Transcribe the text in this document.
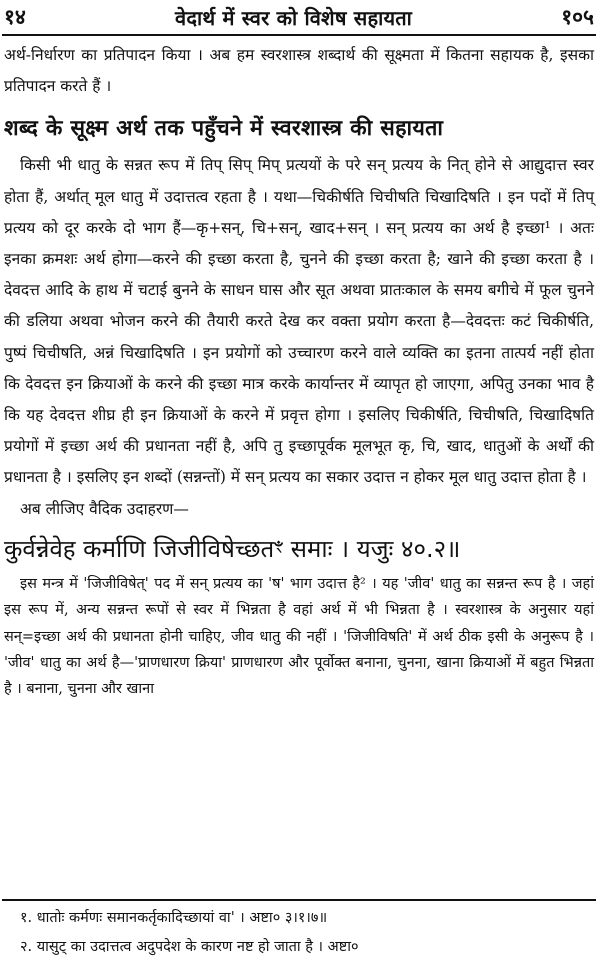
१४	वेदार्थ में स्वर को विशेष सहायता	१०५

अर्थ-निर्धारण का प्रतिपादन किया । अब हम स्वरशास्त्र शब्दार्थ की सूक्ष्मता में कितना सहायक है, इसका प्रतिपादन करते हैं ।

शब्द के सूक्ष्म अर्थ तक पहुँचने में स्वरशास्त्र की सहायता

किसी भी धातु के सन्नत रूप में तिप् सिप् मिप् प्रत्ययों के परे सन् प्रत्यय के नित् होने से आद्युदात्त स्वर होता हैं, अर्थात् मूल धातु में उदात्तत्व रहता है । यथा—चिकीर्षति चिचीषति चिखादिषति । इन पदों में तिप् प्रत्यय को दूर करके दो भाग हैं—कृ+सन्, चि+सन्, खाद+सन् । सन् प्रत्यय का अर्थ है इच्छा¹ । अतः इनका क्रमशः अर्थ होगा—करने की इच्छा करता है, चुनने की इच्छा करता है; खाने की इच्छा करता है । देवदत्त आदि के हाथ में चटाई बुनने के साधन घास और सूत अथवा प्रातःकाल के समय बगीचे में फूल चुनने की डलिया अथवा भोजन करने की तैयारी करते देख कर वक्ता प्रयोग करता है—देवदत्तः कटं चिकीर्षति, पुष्पं चिचीषति, अन्नं चिखादिषति । इन प्रयोगों को उच्चारण करने वाले व्यक्ति का इतना तात्पर्य नहीं होता कि देवदत्त इन क्रियाओं के करने की इच्छा मात्र करके कार्यान्तर में व्यापृत हो जाएगा, अपितु उनका भाव है कि यह देवदत्त शीघ्र ही इन क्रियाओं के करने में प्रवृत्त होगा । इसलिए चिकीर्षति, चिचीषति, चिखादिषति प्रयोगों में इच्छा अर्थ की प्रधानता नहीं है, अपि तु इच्छापूर्वक मूलभूत कृ, चि, खाद, धातुओं के अर्थों की प्रधानता है । इसलिए इन शब्दों (सन्नन्तों) में सन् प्रत्यय का सकार उदात्त न होकर मूल धातु उदात्त होता है ।

अब लीजिए वैदिक उदाहरण—

कुर्वन्नेवेह कर्माणि जिजीविषेच्छतꣳ समाः । यजुः ४०.२॥

इस मन्त्र में 'जिजीविषेत्' पद में सन् प्रत्यय का 'ष' भाग उदात्त है² । यह 'जीव' धातु का सन्नन्त रूप है । जहां इस रूप में, अन्य सन्नन्त रूपों से स्वर में भिन्नता है वहां अर्थ में भी भिन्नता है । स्वरशास्त्र के अनुसार यहां सन्=इच्छा अर्थ की प्रधानता होनी चाहिए, जीव धातु की नहीं । 'जिजीविषति' में अर्थ ठीक इसी के अनुरूप है । 'जीव' धातु का अर्थ है—'प्राणधारण क्रिया' प्राणधारण और पूर्वोक्त बनाना, चुनना, खाना क्रियाओं में बहुत भिन्नता है । बनाना, चुनना और खाना

१. धातोः कर्मणः समानकर्तृकादिच्छायां वा' । अष्टा० ३।१।७॥

२. यासुट् का उदात्तत्व अदुपदेश के कारण नष्ट हो जाता है । अष्टा०
